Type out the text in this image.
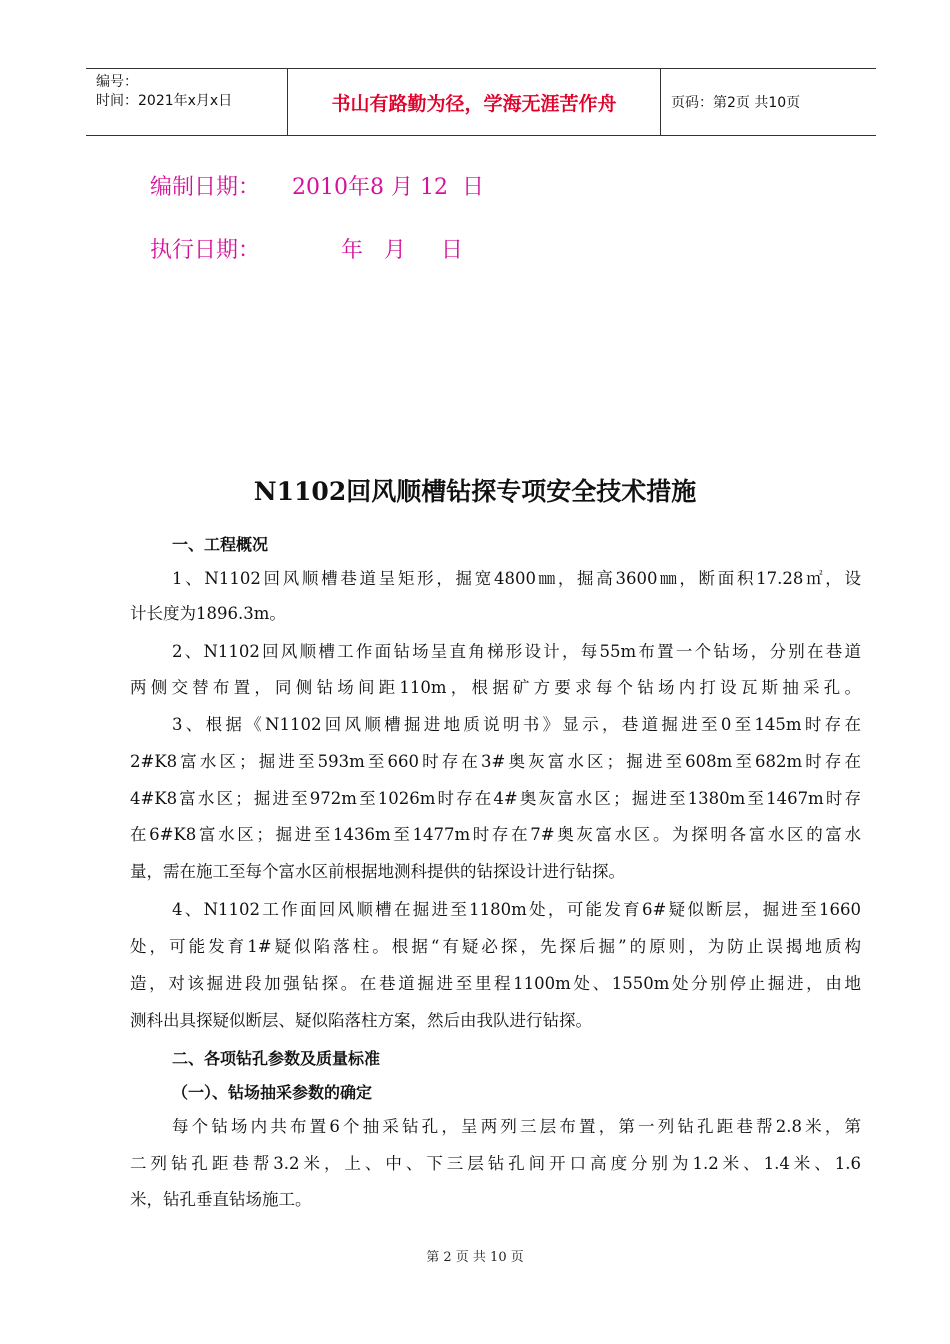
编号：
时间：2021年x月x日	书山有路勤为径，学海无涯苦作舟	页码：第2页 共10页
编制日期： 2010年8 月 12  日
执行日期：       年   月     日
N1102回风顺槽钻探专项安全技术措施
一、工程概况
1、N1102回风顺槽巷道呈矩形，掘宽4800㎜，掘高3600㎜，断面积17.28㎡，设
计长度为1896.3m。
2、N1102回风顺槽工作面钻场呈直角梯形设计，每55m布置一个钻场，分别在巷道
两侧交替布置，同侧钻场间距110m，根据矿方要求每个钻场内打设瓦斯抽采孔。
3、根据《N1102回风顺槽掘进地质说明书》显示，巷道掘进至0至145m时存在
2#K8富水区；掘进至593m至660时存在3#奥灰富水区；掘进至608m至682m时存在
4#K8富水区；掘进至972m至1026m时存在4#奥灰富水区；掘进至1380m至1467m时存
在6#K8富水区；掘进至1436m至1477m时存在7#奥灰富水区。为探明各富水区的富水
量，需在施工至每个富水区前根据地测科提供的钻探设计进行钻探。
4、N1102工作面回风顺槽在掘进至1180m处，可能发育6#疑似断层，掘进至1660
处，可能发育1#疑似陷落柱。根据“有疑必探，先探后掘”的原则，为防止误揭地质构
造，对该掘进段加强钻探。在巷道掘进至里程1100m处、1550m处分别停止掘进，由地
测科出具探疑似断层、疑似陷落柱方案，然后由我队进行钻探。
二、各项钻孔参数及质量标准
（一）、钻场抽采参数的确定
每个钻场内共布置6个抽采钻孔，呈两列三层布置，第一列钻孔距巷帮2.8米，第
二列钻孔距巷帮3.2米，上、中、下三层钻孔间开口高度分别为1.2米、1.4米、1.6
米，钻孔垂直钻场施工。
第 2 页 共 10 页
